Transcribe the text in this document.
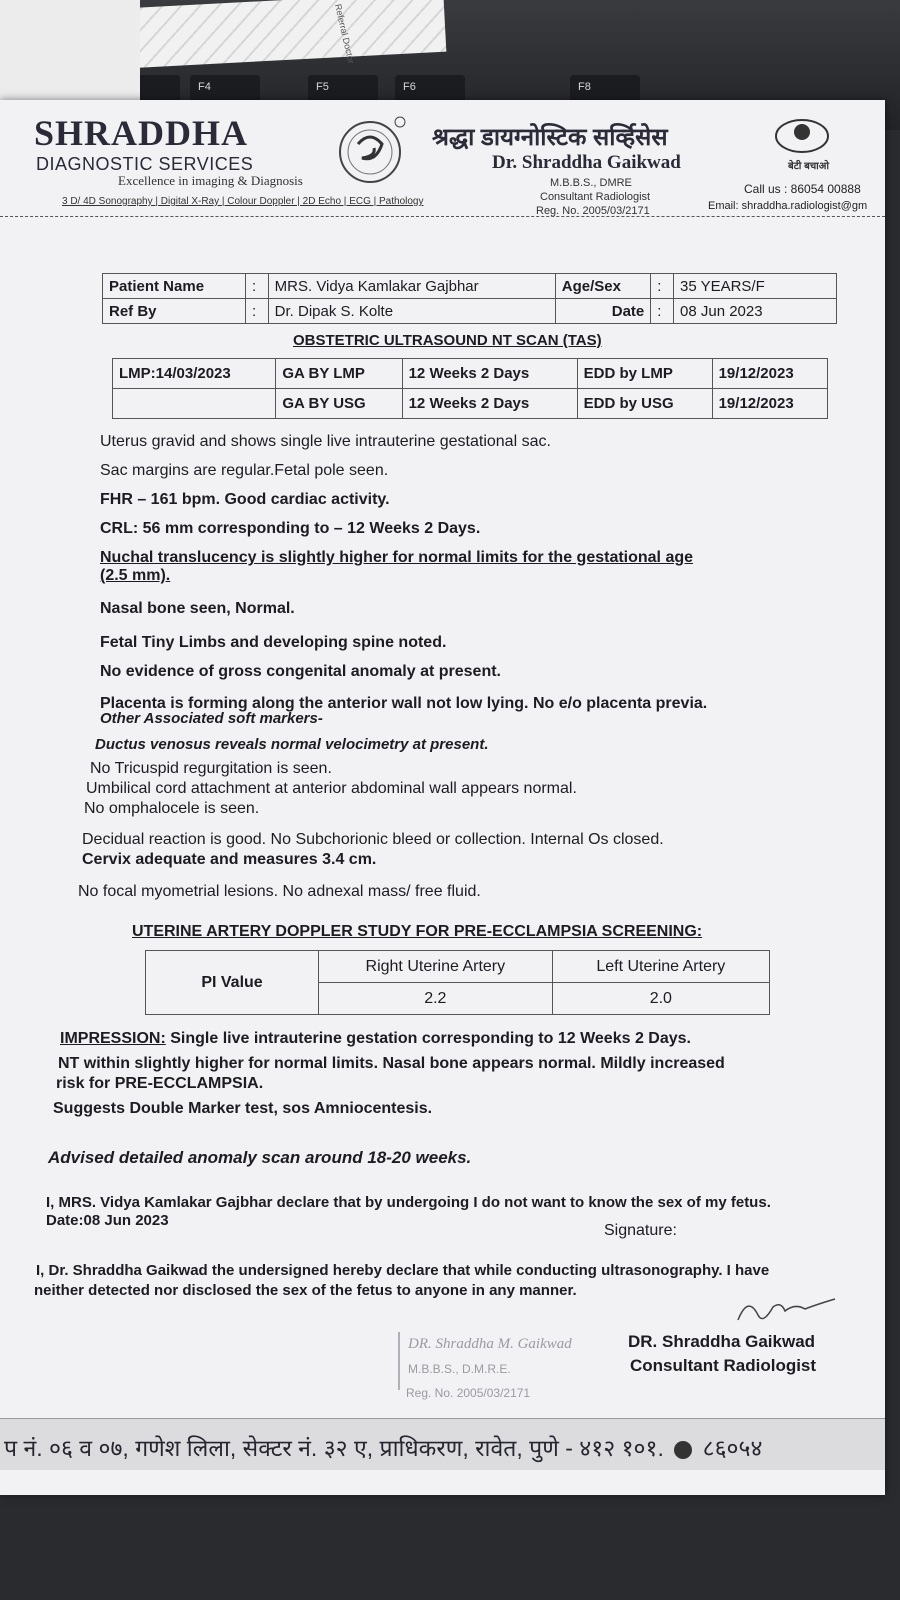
F4	F5	F6	F8
Referral Doctor
SHRADDHA
DIAGNOSTIC SERVICES
Excellence in imaging & Diagnosis
3 D/ 4D Sonography | Digital X-Ray | Colour Doppler | 2D Echo | ECG | Pathology
श्रद्धा डायग्नोस्टिक सर्व्हिसेस
Dr. Shraddha Gaikwad
M.B.B.S., DMRE
Consultant Radiologist
Reg. No. 2005/03/2171
बेटी बचाओ
Call us : 86054 00888
Email: shraddha.radiologist@gm
Patient Name	:	MRS. Vidya Kamlakar Gajbhar	Age/Sex	:	35 YEARS/F
Ref By	:	Dr. Dipak S. Kolte	Date	:	08 Jun 2023
OBSTETRIC ULTRASOUND NT SCAN (TAS)
LMP:14/03/2023	GA BY LMP	12 Weeks 2 Days	EDD by LMP	19/12/2023
	GA BY USG	12 Weeks 2 Days	EDD by USG	19/12/2023
Uterus gravid and shows single live intrauterine gestational sac.
Sac margins are regular.Fetal pole seen.
FHR – 161 bpm. Good cardiac activity.
CRL: 56 mm corresponding to – 12 Weeks 2 Days.
Nuchal translucency is slightly higher for normal limits for the gestational age
(2.5 mm).
Nasal bone seen, Normal.
Fetal Tiny Limbs and developing spine noted.
No evidence of gross congenital anomaly at present.
Placenta is forming along the anterior wall not low lying. No e/o placenta previa.
Other Associated soft markers-
Ductus venosus reveals normal velocimetry at present.
No Tricuspid regurgitation is seen.
Umbilical cord attachment at anterior abdominal wall appears normal.
No omphalocele is seen.
Decidual reaction is good. No Subchorionic bleed or collection. Internal Os closed.
Cervix adequate and measures 3.4 cm.
No focal myometrial lesions. No adnexal mass/ free fluid.
UTERINE ARTERY DOPPLER STUDY FOR PRE-ECCLAMPSIA SCREENING:
PI Value	Right Uterine Artery	Left Uterine Artery
	2.2	2.0
IMPRESSION: Single live intrauterine gestation corresponding to 12 Weeks 2 Days.
NT within slightly higher for normal limits. Nasal bone appears normal. Mildly increased
risk for PRE-ECCLAMPSIA.
Suggests Double Marker test, sos Amniocentesis.
Advised detailed anomaly scan around 18-20 weeks.
I, MRS. Vidya Kamlakar Gajbhar declare that by undergoing I do not want to know the sex of my fetus.
Date:08 Jun 2023
Signature:
I, Dr. Shraddha Gaikwad the undersigned hereby declare that while conducting ultrasonography. I have
neither detected nor disclosed the sex of the fetus to anyone in any manner.
DR. Shraddha M. Gaikwad
M.B.B.S., D.M.R.E.
Reg. No. 2005/03/2171
DR. Shraddha Gaikwad
Consultant Radiologist
प नं. ०६ व ०७, गणेश लिला, सेक्टर नं. ३२ ए, प्राधिकरण, रावेत, पुणे - ४१२ १०१. ८६०५४
